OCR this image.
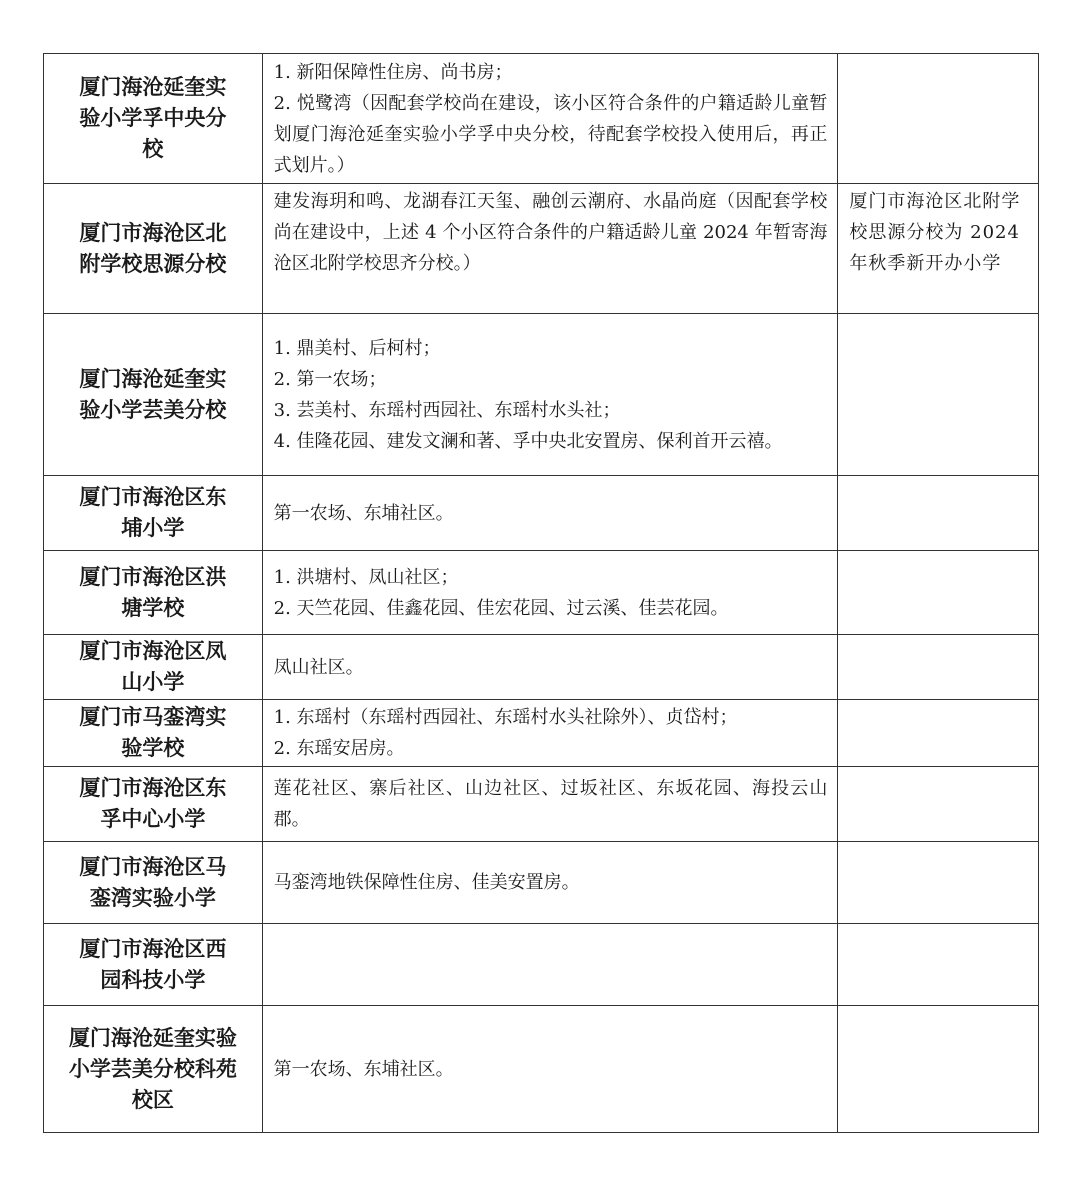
厦门海沧延奎实验小学孚中央分校	1. 新阳保障性住房、尚书房；
2. 悦鹭湾（因配套学校尚在建设，该小区符合条件的户籍适龄儿童暂划厦门海沧延奎实验小学孚中央分校，待配套学校投入使用后，再正式划片。）	

厦门市海沧区北附学校思源分校	建发海玥和鸣、龙湖春江天玺、融创云潮府、水晶尚庭（因配套学校尚在建设中，上述 4 个小区符合条件的户籍适龄儿童 2024 年暂寄海沧区北附学校思齐分校。）	厦门市海沧区北附学校思源分校为 2024 年秋季新开办小学
厦门海沧延奎实验小学芸美分校	1. 鼎美村、后柯村；
2. 第一农场；
3. 芸美村、东瑶村西园社、东瑶村水头社；
4. 佳隆花园、建发文澜和著、孚中央北安置房、保利首开云禧。	

厦门市海沧区东埔小学	第一农场、东埔社区。	

厦门市海沧区洪塘学校	1. 洪塘村、凤山社区；
2. 天竺花园、佳鑫花园、佳宏花园、过云溪、佳芸花园。	

厦门市海沧区凤山小学	凤山社区。	

厦门市马銮湾实验学校	1. 东瑶村（东瑶村西园社、东瑶村水头社除外）、贞岱村；
2. 东瑶安居房。	

厦门市海沧区东孚中心小学	莲花社区、寨后社区、山边社区、过坂社区、东坂花园、海投云山郡。	

厦门市海沧区马銮湾实验小学	马銮湾地铁保障性住房、佳美安置房。	

厦门市海沧区西园科技小学		
厦门海沧延奎实验小学芸美分校科苑校区	第一农场、东埔社区。	
